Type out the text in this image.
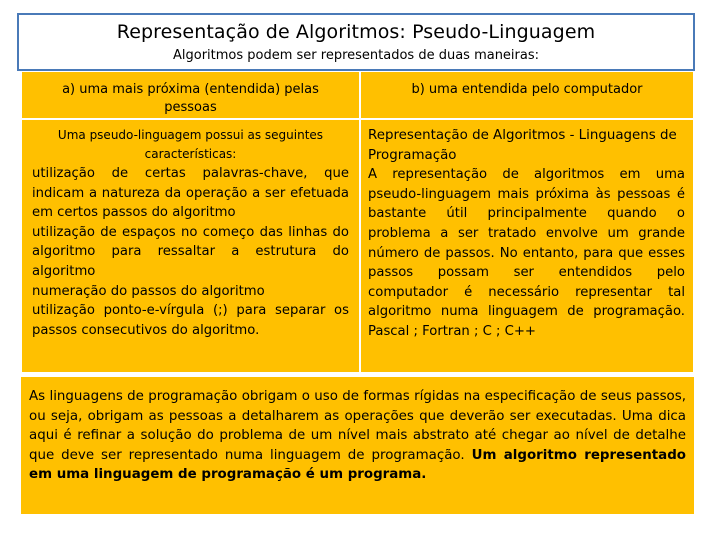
Representação de Algoritmos: Pseudo-Linguagem
Algoritmos podem ser representados de duas maneiras:
a) uma mais próxima (entendida) pelas pessoas
b) uma entendida pelo computador
Uma pseudo-linguagem possui as seguintes características:

utilização de certas palavras-chave, que indicam a natureza da operação a ser efetuada em certos passos do algoritmo
utilização de espaços no começo das linhas do algoritmo para ressaltar a estrutura do algoritmo
numeração do passos do algoritmo
utilização ponto-e-vírgula (;) para separar os passos consecutivos do algoritmo.

Representação de Algoritmos - Linguagens de Programação

A representação de algoritmos em uma pseudo-linguagem mais próxima às pessoas é bastante útil principalmente quando o problema a ser tratado envolve um grande número de passos. No entanto, para que esses passos possam ser entendidos pelo computador é necessário representar tal algoritmo numa linguagem de programação. Pascal ; Fortran ; C ; C++

As linguagens de programação obrigam o uso de formas rígidas na especificação de seus passos, ou seja, obrigam as pessoas a detalharem as operações que deverão ser executadas. Uma dica aqui é refinar a solução do problema de um nível mais abstrato até chegar ao nível de detalhe que deve ser representado numa linguagem de programação. Um algoritmo representado em uma linguagem de programação é um programa.
